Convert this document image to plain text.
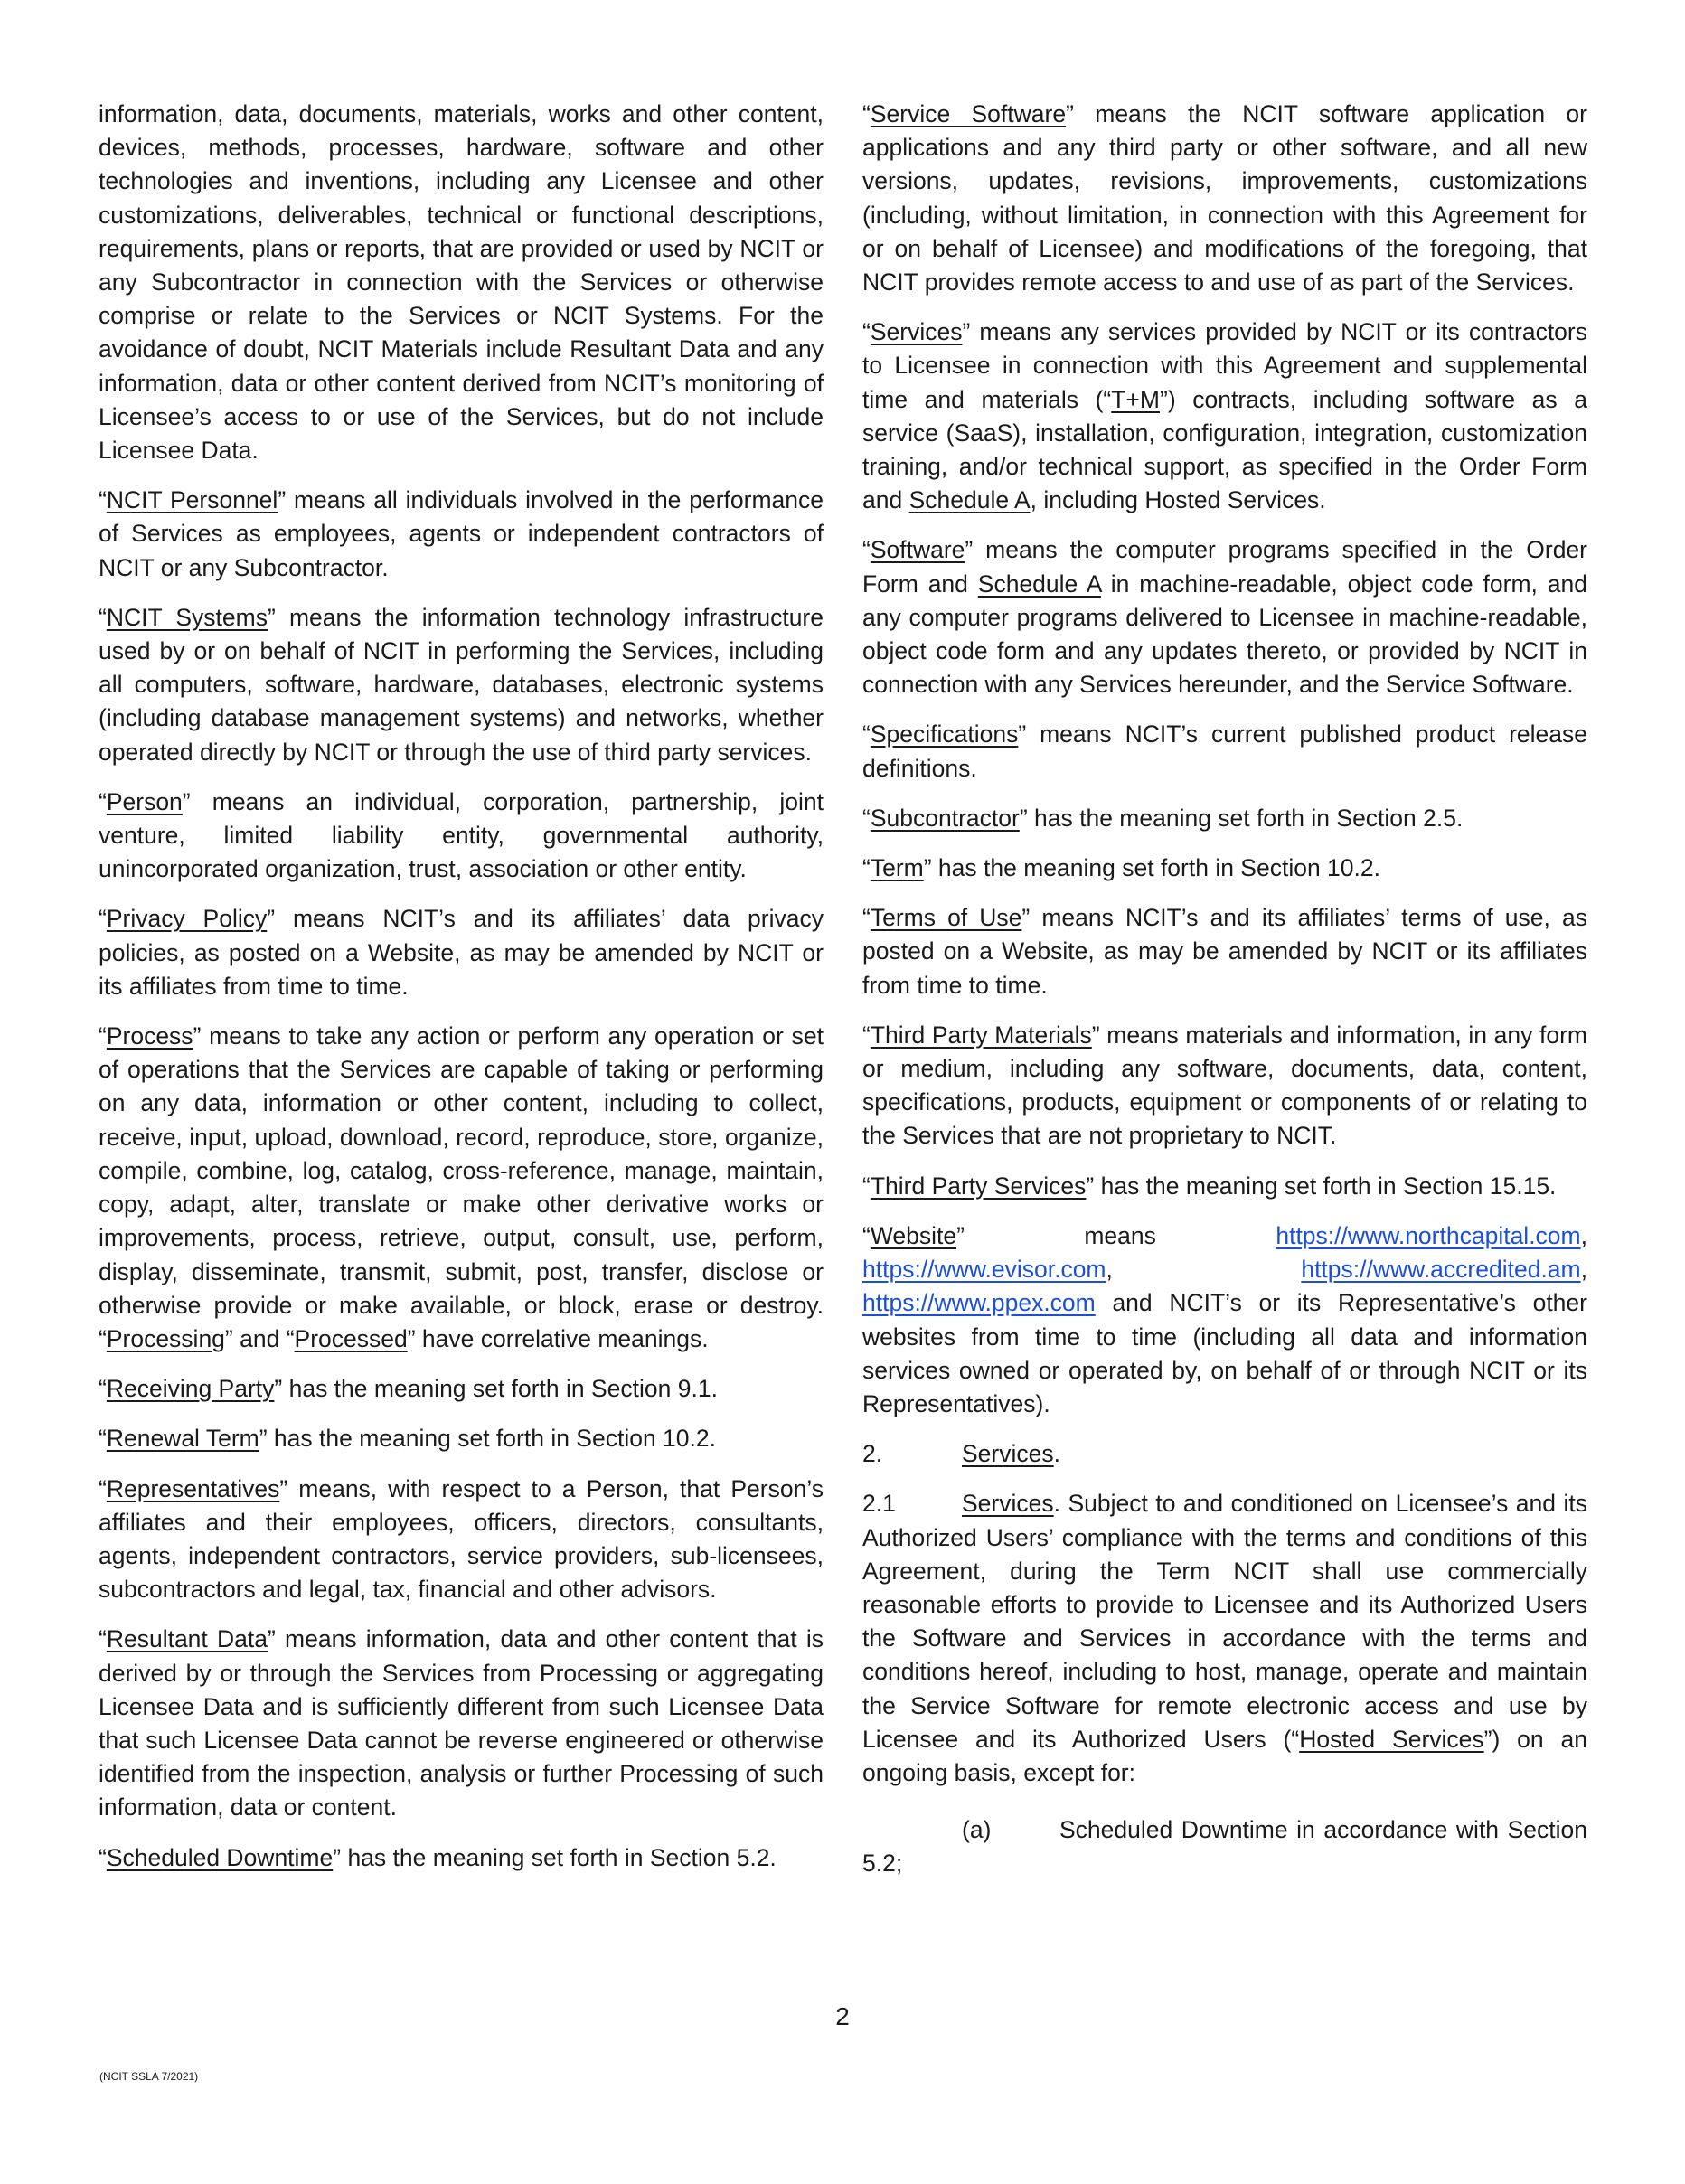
information, data, documents, materials, works and other content, devices, methods, processes, hardware, software and other technologies and inventions, including any Licensee and other customizations, deliverables, technical or functional descriptions, requirements, plans or reports, that are provided or used by NCIT or any Subcontractor in connection with the Services or otherwise comprise or relate to the Services or NCIT Systems. For the avoidance of doubt, NCIT Materials include Resultant Data and any information, data or other content derived from NCIT’s monitoring of Licensee’s access to or use of the Services, but do not include Licensee Data.

“NCIT Personnel” means all individuals involved in the performance of Services as employees, agents or independent contractors of NCIT or any Subcontractor.

“NCIT Systems” means the information technology infrastructure used by or on behalf of NCIT in performing the Services, including all computers, software, hardware, databases, electronic systems (including database management systems) and networks, whether operated directly by NCIT or through the use of third party services.

“Person” means an individual, corporation, partnership, joint venture, limited liability entity, governmental authority, unincorporated organization, trust, association or other entity.

“Privacy Policy” means NCIT’s and its affiliates’ data privacy policies, as posted on a Website, as may be amended by NCIT or its affiliates from time to time.

“Process” means to take any action or perform any operation or set of operations that the Services are capable of taking or performing on any data, information or other content, including to collect, receive, input, upload, download, record, reproduce, store, organize, compile, combine, log, catalog, cross-reference, manage, maintain, copy, adapt, alter, translate or make other derivative works or improvements, process, retrieve, output, consult, use, perform, display, disseminate, transmit, submit, post, transfer, disclose or otherwise provide or make available, or block, erase or destroy. “Processing” and “Processed” have correlative meanings.

“Receiving Party” has the meaning set forth in Section 9.1.

“Renewal Term” has the meaning set forth in Section 10.2.

“Representatives” means, with respect to a Person, that Person’s affiliates and their employees, officers, directors, consultants, agents, independent contractors, service providers, sub-licensees, subcontractors and legal, tax, financial and other advisors.

“Resultant Data” means information, data and other content that is derived by or through the Services from Processing or aggregating Licensee Data and is sufficiently different from such Licensee Data that such Licensee Data cannot be reverse engineered or otherwise identified from the inspection, analysis or further Processing of such information, data or content.

“Scheduled Downtime” has the meaning set forth in Section 5.2.

“Service Software” means the NCIT software application or applications and any third party or other software, and all new versions, updates, revisions, improvements, customizations (including, without limitation, in connection with this Agreement for or on behalf of Licensee) and modifications of the foregoing, that NCIT provides remote access to and use of as part of the Services.

“Services” means any services provided by NCIT or its contractors to Licensee in connection with this Agreement and supplemental time and materials (“T+M”) contracts, including software as a service (SaaS), installation, configuration, integration, customization training, and/or technical support, as specified in the Order Form and Schedule A, including Hosted Services.

“Software” means the computer programs specified in the Order Form and Schedule A in machine-readable, object code form, and any computer programs delivered to Licensee in machine-readable, object code form and any updates thereto, or provided by NCIT in connection with any Services hereunder, and the Service Software.

“Specifications” means NCIT’s current published product release definitions.

“Subcontractor” has the meaning set forth in Section 2.5.

“Term” has the meaning set forth in Section 10.2.

“Terms of Use” means NCIT’s and its affiliates’ terms of use, as posted on a Website, as may be amended by NCIT or its affiliates from time to time.

“Third Party Materials” means materials and information, in any form or medium, including any software, documents, data, content, specifications, products, equipment or components of or relating to the Services that are not proprietary to NCIT.

“Third Party Services” has the meaning set forth in Section 15.15.

“Website” means https://www.northcapital.com, https://www.evisor.com, https://www.accredited.am, https://www.ppex.com and NCIT’s or its Representative’s other websites from time to time (including all data and information services owned or operated by, on behalf of or through NCIT or its Representatives).

2.	Services.

2.1	Services. Subject to and conditioned on Licensee’s and its Authorized Users’ compliance with the terms and conditions of this Agreement, during the Term NCIT shall use commercially reasonable efforts to provide to Licensee and its Authorized Users the Software and Services in accordance with the terms and conditions hereof, including to host, manage, operate and maintain the Service Software for remote electronic access and use by Licensee and its Authorized Users (“Hosted Services”) on an ongoing basis, except for:

(a)	Scheduled Downtime in accordance with Section 5.2;

2
(NCIT SSLA 7/2021)
